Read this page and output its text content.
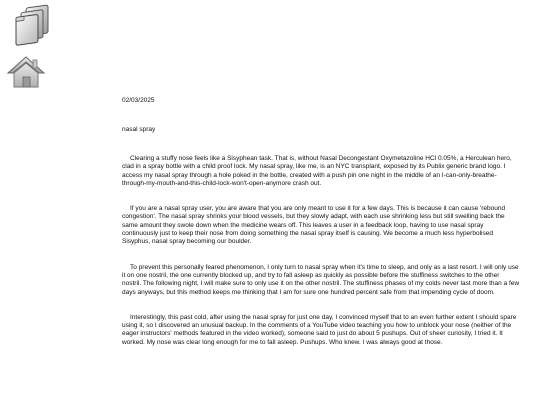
02/03/2025

nasal spray

Clearing a stuffy nose feels like a Sisyphean task. That is, without Nasal Decongestant Oxymetazoline HCl 0.05%, a Herculean hero, clad in a spray bottle with a child proof lock. My nasal spray, like me, is an NYC transplant, exposed by its Publix generic brand logo. I access my nasal spray through a hole poked in the bottle, created with a push pin one night in the middle of an I-can-only-breathe-through-my-mouth-and-this-child-lock-won't-open-anymore crash out.

If you are a nasal spray user, you are aware that you are only meant to use it for a few days. This is because it can cause 'rebound congestion'. The nasal spray shrinks your blood vessels, but they slowly adapt, with each use shrinking less but still swelling back the same amount they swole down when the medicine wears off. This leaves a user in a feedback loop, having to use nasal spray continuously just to keep their nose from doing something the nasal spray itself is causing. We become a much less hyperbolised Sisyphus, nasal spray becoming our boulder.

To prevent this personally feared phenomenon, I only turn to nasal spray when it's time to sleep, and only as a last resort. I will only use it on one nostril, the one currently blocked up, and try to fall asleep as quickly as possible before the stuffiness switches to the other nostril. The following night, I will make sure to only use it on the other nostril. The stuffiness phases of my colds never last more than a few days anyways, but this method keeps me thinking that I am for sure one hundred percent safe from that impending cycle of doom.

Interestingly, this past cold, after using the nasal spray for just one day, I convinced myself that to an even further extent I should spare using it, so I discovered an unusual backup. In the comments of a YouTube video teaching you how to unblock your nose (neither of the eager instructors' methods featured in the video worked), someone said to just do about 5 pushups. Out of sheer curiosity, I tried it. It worked. My nose was clear long enough for me to fall asleep. Pushups. Who knew. I was always good at those.
